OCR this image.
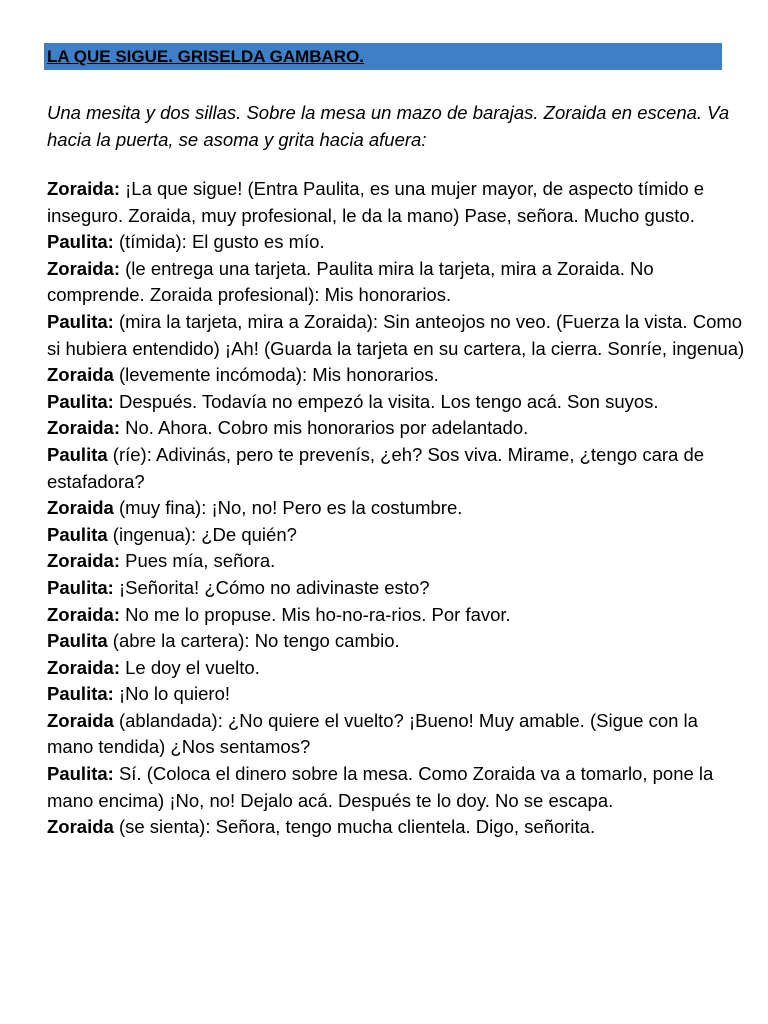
LA QUE SIGUE. GRISELDA GAMBARO.

Una mesita y dos sillas. Sobre la mesa un mazo de barajas. Zoraida en escena. Va hacia la puerta, se asoma y grita hacia afuera:

Zoraida: ¡La que sigue! (Entra Paulita, es una mujer mayor, de aspecto tímido e inseguro. Zoraida, muy profesional, le da la mano) Pase, señora. Mucho gusto.

Paulita: (tímida): El gusto es mío.

Zoraida: (le entrega una tarjeta. Paulita mira la tarjeta, mira a Zoraida. No comprende. Zoraida profesional): Mis honorarios.

Paulita: (mira la tarjeta, mira a Zoraida): Sin anteojos no veo. (Fuerza la vista. Como si hubiera entendido) ¡Ah! (Guarda la tarjeta en su cartera, la cierra. Sonríe, ingenua)

Zoraida (levemente incómoda): Mis honorarios.

Paulita: Después. Todavía no empezó la visita. Los tengo acá. Son suyos.

Zoraida: No. Ahora. Cobro mis honorarios por adelantado.

Paulita (ríe): Adivinás, pero te prevenís, ¿eh? Sos viva. Mirame, ¿tengo cara de estafadora?

Zoraida (muy fina): ¡No, no! Pero es la costumbre.

Paulita (ingenua): ¿De quién?

Zoraida: Pues mía, señora.

Paulita: ¡Señorita! ¿Cómo no adivinaste esto?

Zoraida: No me lo propuse. Mis ho-no-ra-rios. Por favor.

Paulita (abre la cartera): No tengo cambio.

Zoraida: Le doy el vuelto.

Paulita: ¡No lo quiero!

Zoraida (ablandada): ¿No quiere el vuelto? ¡Bueno! Muy amable. (Sigue con la mano tendida) ¿Nos sentamos?

Paulita: Sí. (Coloca el dinero sobre la mesa. Como Zoraida va a tomarlo, pone la mano encima) ¡No, no! Dejalo acá. Después te lo doy. No se escapa.

Zoraida (se sienta): Señora, tengo mucha clientela. Digo, señorita.
